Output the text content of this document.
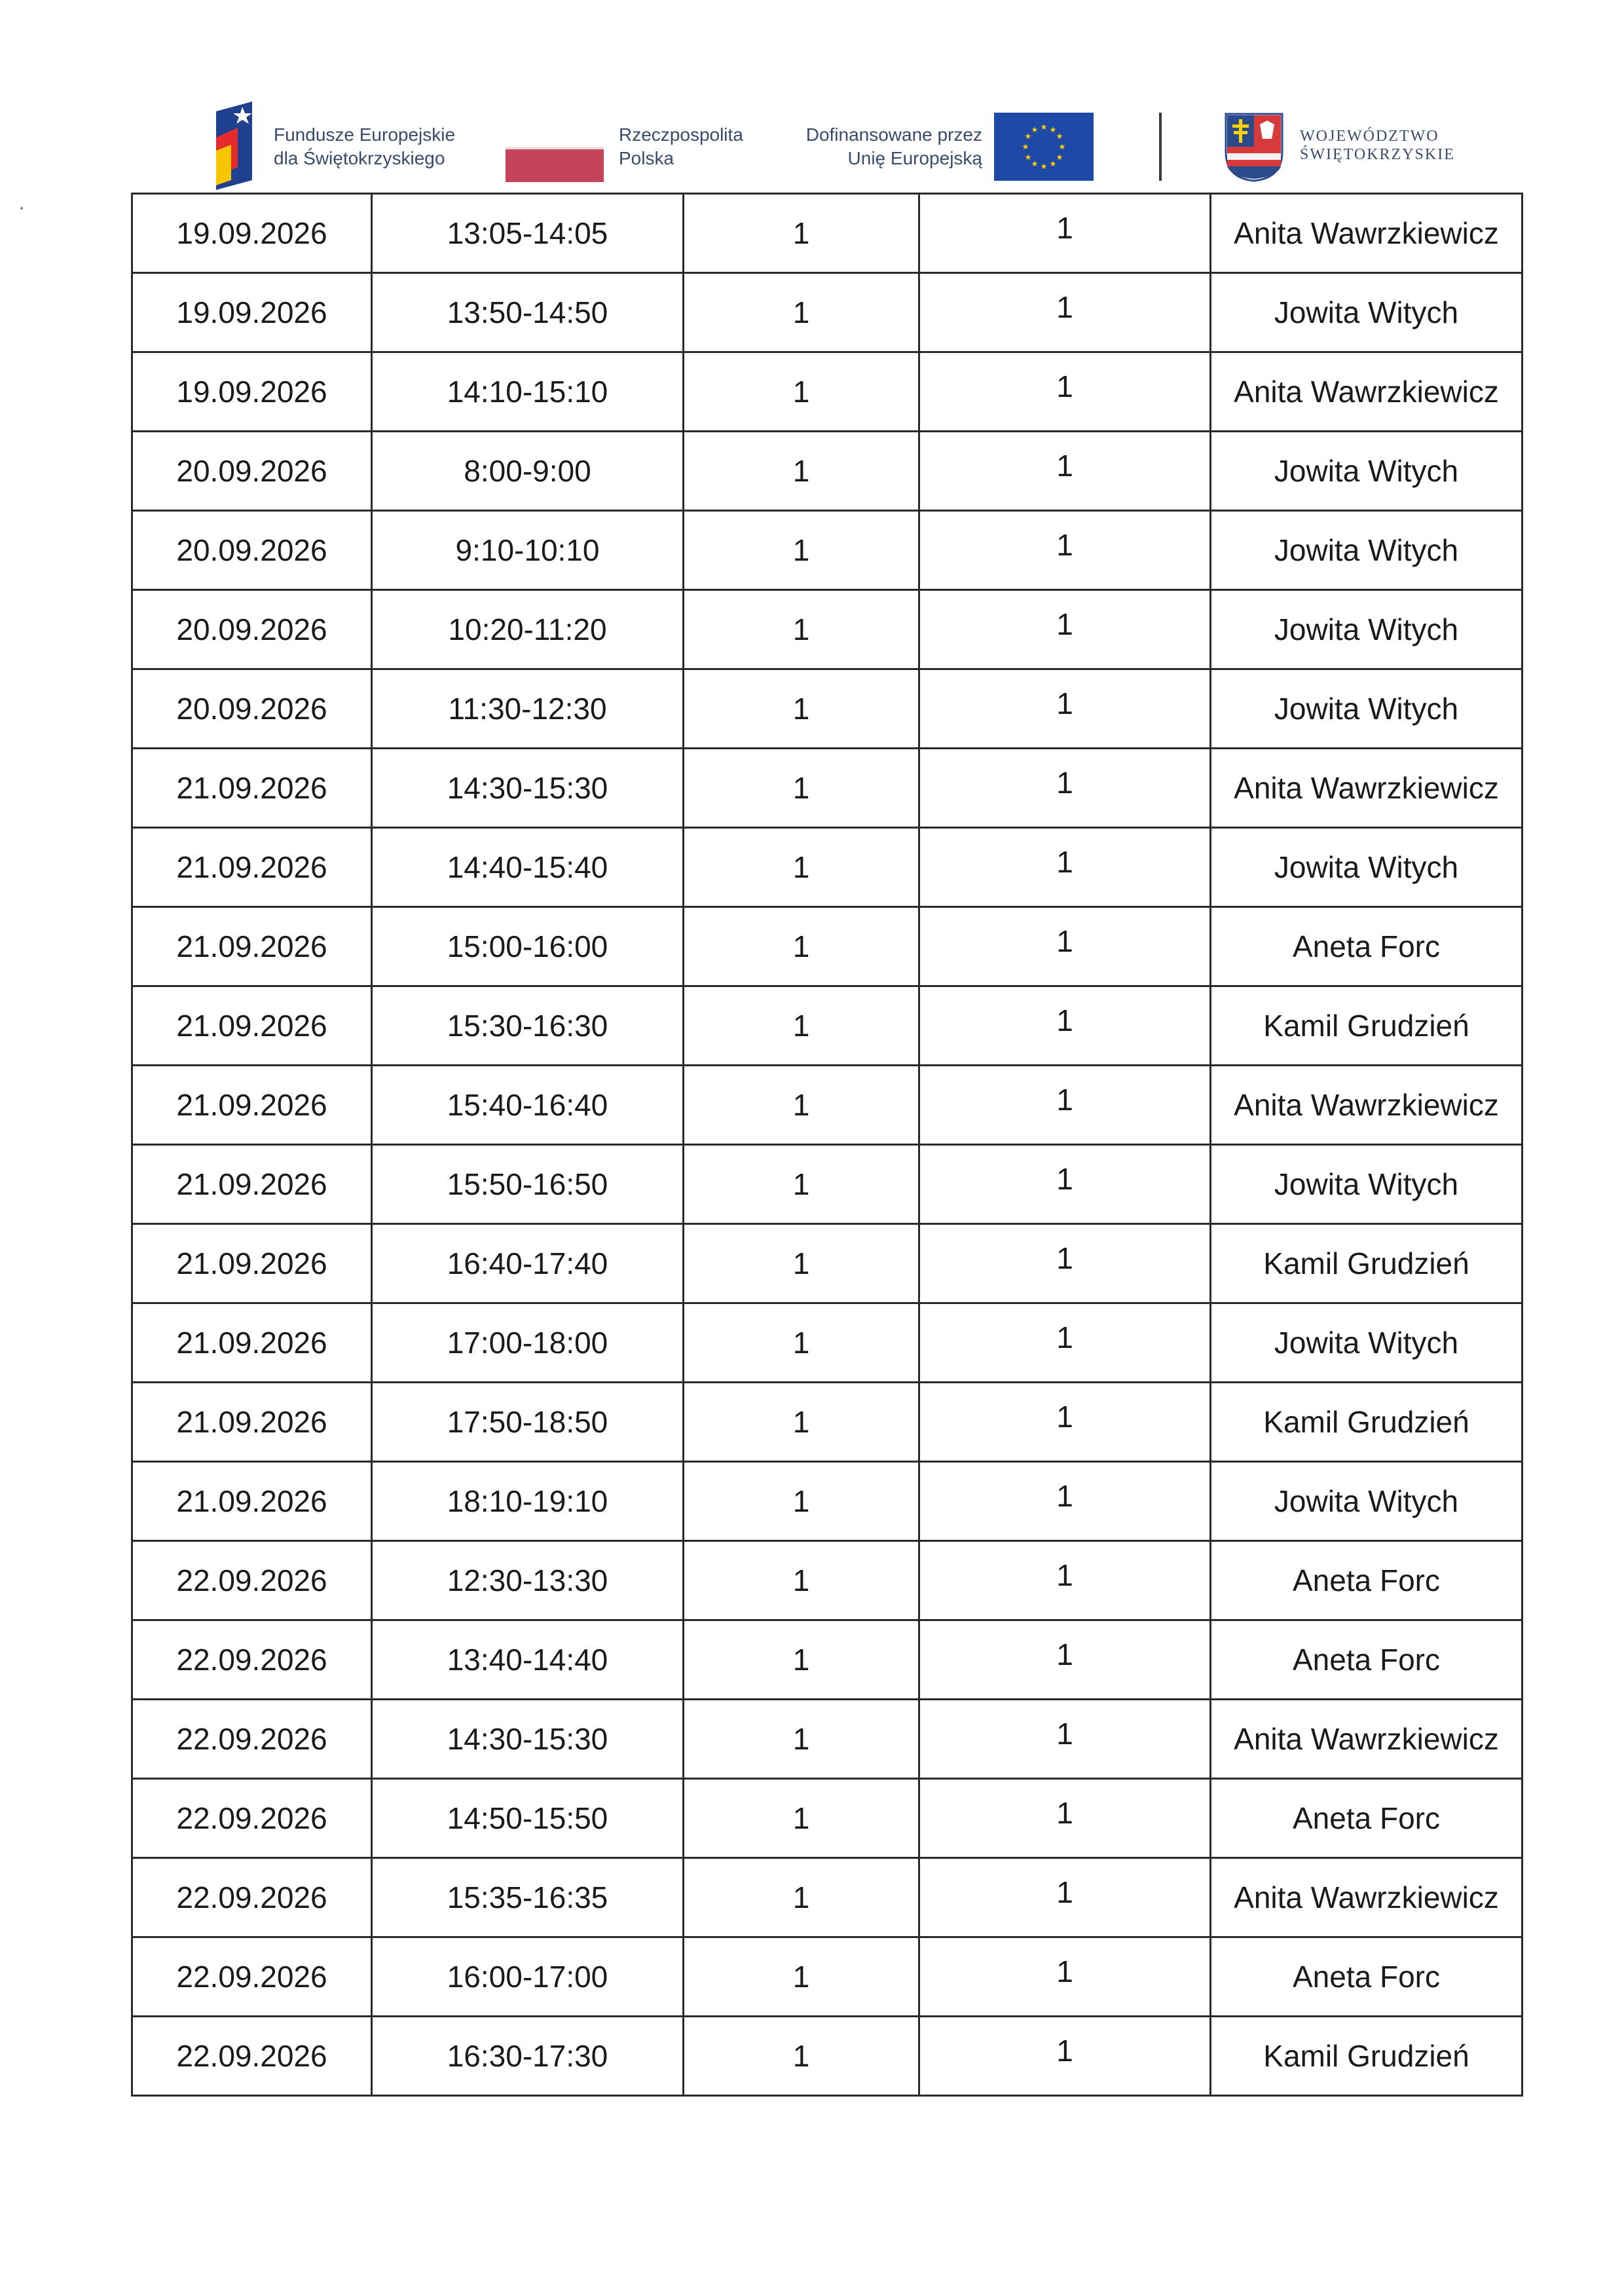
Fundusze Europejskie
dla Świętokrzyskiego
Rzeczpospolita
Polska
Dofinansowane przez
Unię Europejską
★ ★
★
★
★
★
★
★
★
★
★
★	WOJEWÓDZTWO
ŚWIĘTOKRZYSKIE
19.09.2026	13:05-14:05	1	1	Anita Wawrzkiewicz
19.09.2026	13:50-14:50	1	1	Jowita Witych
19.09.2026	14:10-15:10	1	1	Anita Wawrzkiewicz
20.09.2026	8:00-9:00	1	1	Jowita Witych
20.09.2026	9:10-10:10	1	1	Jowita Witych
20.09.2026	10:20-11:20	1	1	Jowita Witych
20.09.2026	11:30-12:30	1	1	Jowita Witych
21.09.2026	14:30-15:30	1	1	Anita Wawrzkiewicz
21.09.2026	14:40-15:40	1	1	Jowita Witych
21.09.2026	15:00-16:00	1	1	Aneta Forc
21.09.2026	15:30-16:30	1	1	Kamil Grudzień
21.09.2026	15:40-16:40	1	1	Anita Wawrzkiewicz
21.09.2026	15:50-16:50	1	1	Jowita Witych
21.09.2026	16:40-17:40	1	1	Kamil Grudzień
21.09.2026	17:00-18:00	1	1	Jowita Witych
21.09.2026	17:50-18:50	1	1	Kamil Grudzień
21.09.2026	18:10-19:10	1	1	Jowita Witych
22.09.2026	12:30-13:30	1	1	Aneta Forc
22.09.2026	13:40-14:40	1	1	Aneta Forc
22.09.2026	14:30-15:30	1	1	Anita Wawrzkiewicz
22.09.2026	14:50-15:50	1	1	Aneta Forc
22.09.2026	15:35-16:35	1	1	Anita Wawrzkiewicz
22.09.2026	16:00-17:00	1	1	Aneta Forc
22.09.2026	16:30-17:30	1	1	Kamil Grudzień
·
